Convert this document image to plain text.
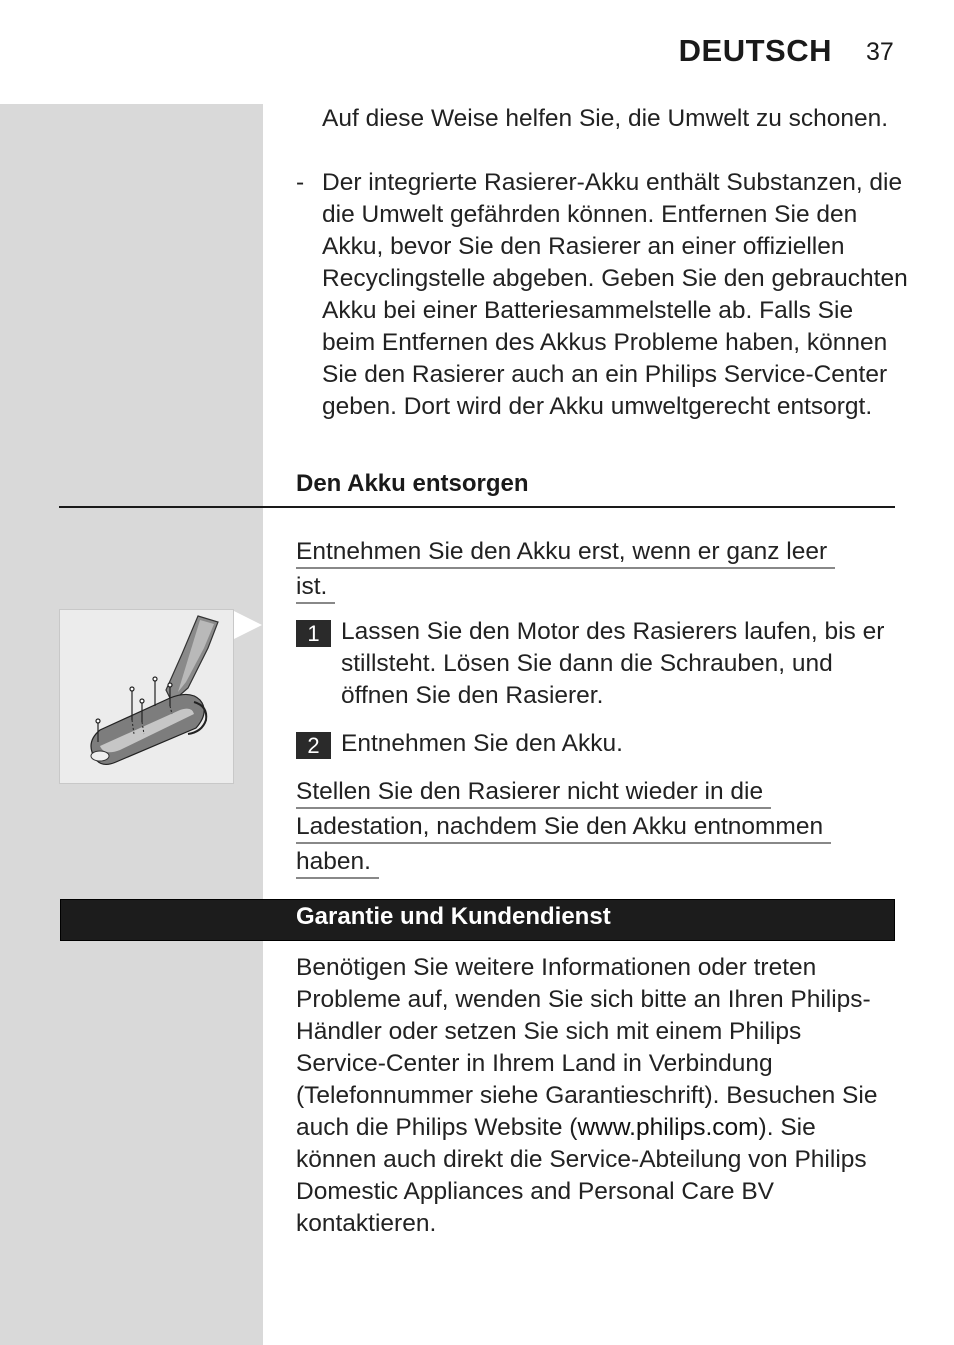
DEUTSCH 37
Auf diese Weise helfen Sie, die Umwelt zu schonen.
- Der integrierte Rasierer-Akku enthält Substanzen, die die Umwelt gefährden können. Entfernen Sie den Akku, bevor Sie den Rasierer an einer offiziellen Recyclingstelle abgeben. Geben Sie den gebrauchten Akku bei einer Batteriesammelstelle ab. Falls Sie beim Entfernen des Akkus Probleme haben, können Sie den Rasierer auch an ein Philips Service-Center geben. Dort wird der Akku umweltgerecht entsorgt.
Den Akku entsorgen
Entnehmen Sie den Akku erst, wenn er ganz leer
ist.
1 Lassen Sie den Motor des Rasierers laufen, bis er stillsteht. Lösen Sie dann die Schrauben, und öffnen Sie den Rasierer.
2 Entnehmen Sie den Akku.
Stellen Sie den Rasierer nicht wieder in die
Ladestation, nachdem Sie den Akku entnommen
haben.
Garantie und Kundendienst
Benötigen Sie weitere Informationen oder treten Probleme auf, wenden Sie sich bitte an Ihren Philips-Händler oder setzen Sie sich mit einem Philips Service-Center in Ihrem Land in Verbindung (Telefonnummer siehe Garantieschrift). Besuchen Sie auch die Philips Website (www.philips.com). Sie können auch direkt die Service-Abteilung von Philips Domestic Appliances and Personal Care BV kontaktieren.
